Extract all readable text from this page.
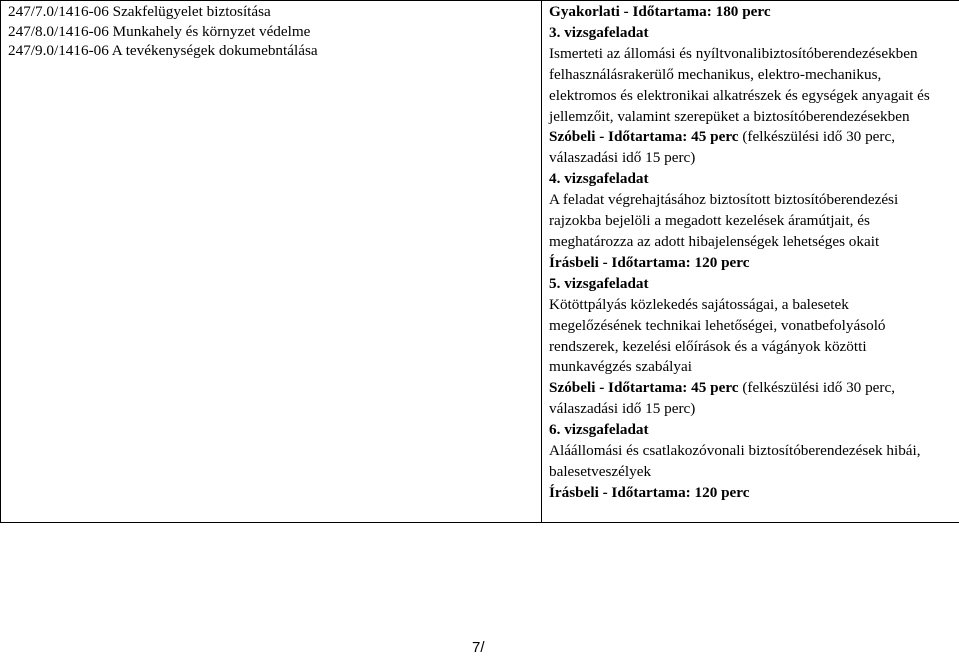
247/7.0/1416-06 Szakfelügyelet biztosítása
247/8.0/1416-06 Munkahely és környzet védelme
247/9.0/1416-06 A tevékenységek dokumebntálása

Gyakorlati - Időtartama: 180 perc
3. vizsgafeladat
Ismerteti az állomási és nyíltvonalibiztosítóberendezésekben
felhasználásrakerülő mechanikus, elektro-mechanikus,
elektromos és elektronikai alkatrészek és egységek anyagait és
jellemzőit, valamint szerepüket a biztosítóberendezésekben
Szóbeli - Időtartama: 45 perc (felkészülési idő 30 perc,
válaszadási idő 15 perc)
4. vizsgafeladat
A feladat végrehajtásához biztosított biztosítóberendezési
rajzokba bejelöli a megadott kezelések áramútjait, és
meghatározza az adott hibajelenségek lehetséges okait
Írásbeli - Időtartama: 120 perc
5. vizsgafeladat
Kötöttpályás közlekedés sajátosságai, a balesetek
megelőzésének technikai lehetőségei, vonatbefolyásoló
rendszerek, kezelési előírások és a vágányok közötti
munkavégzés szabályai
Szóbeli - Időtartama: 45 perc (felkészülési idő 30 perc,
válaszadási idő 15 perc)
6. vizsgafeladat
Aláállomási és csatlakozóvonali biztosítóberendezések hibái,
balesetveszélyek
Írásbeli - Időtartama: 120 perc
7/
